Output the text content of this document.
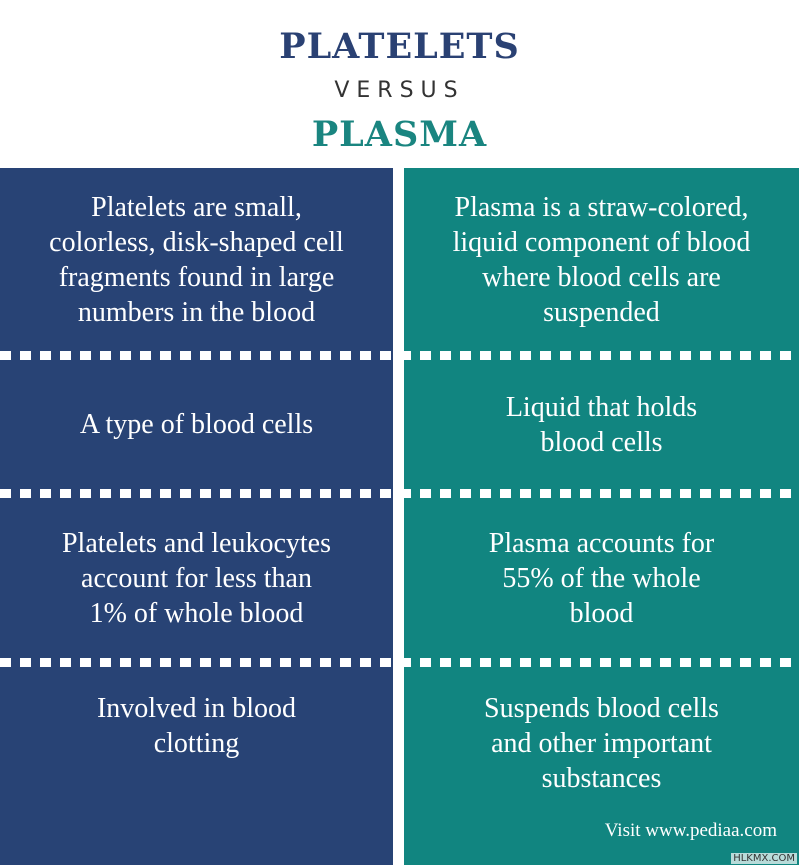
PLATELETS
VERSUS
PLASMA
Platelets are small,
colorless, disk-shaped cell
fragments found in large
numbers in the blood
Plasma is a straw-colored,
liquid component of blood
where blood cells are
suspended
A type of blood cells
Liquid that holds
blood cells
Platelets and leukocytes
account for less than
1% of whole blood
Plasma accounts for
55% of the whole
blood
Involved in blood
clotting
Suspends blood cells
and other important
substances
Visit www.pediaa.com
HLKMX.COM
